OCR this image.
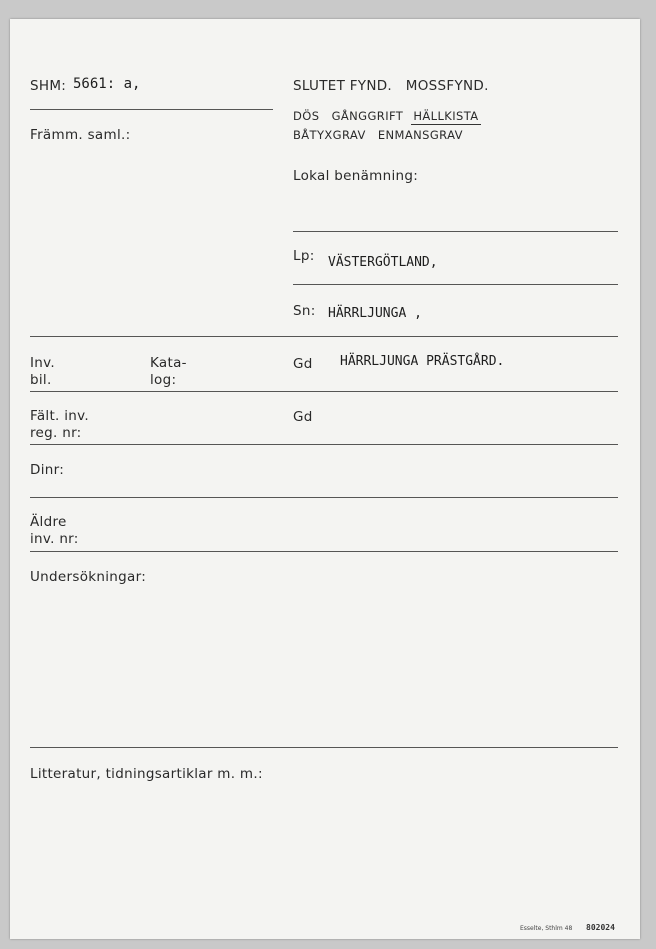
SHM: 5661: a,
Främm. saml.:
SLUTET FYND.   MOSSFYND.
DÖS GÅNGGRIFT HÄLLKISTA
BÅTYXGRAV   ENMANSGRAV
Lokal benämning:
Lp: VÄSTERGÖTLAND,
Sn: HÄRRLJUNGA ,
Inv.
bil.
Kata-
log:
Gd HÄRRLJUNGA PRÄSTGÅRD.
Fält. inv.
reg. nr:
Gd
Dinr:
Äldre
inv. nr:
Undersökningar:
Litteratur, tidningsartiklar m. m.:
Esselte, Sthlm 48 802024
